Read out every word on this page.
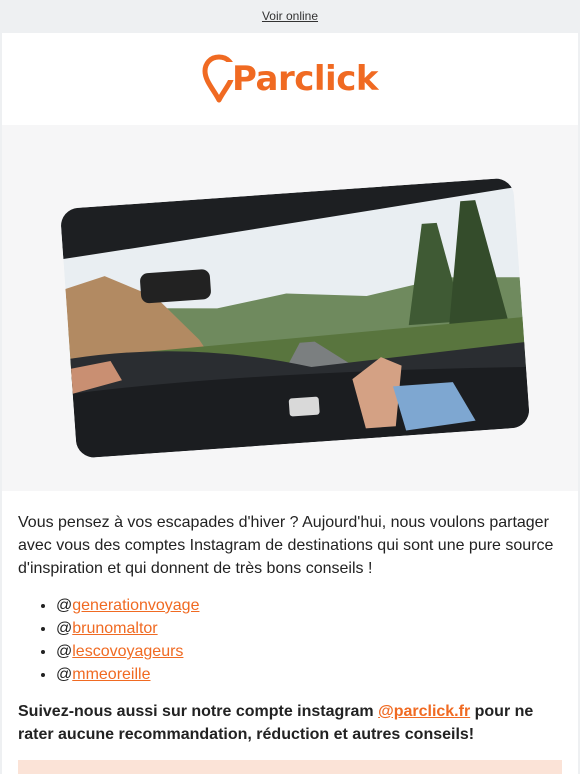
Voir online
Parclick

Vous pensez à vos escapades d'hiver ? Aujourd'hui, nous voulons partager avec vous des comptes Instagram de destinations qui sont une pure source d'inspiration et qui donnent de très bons conseils !

• @generationvoyage
• @brunomaltor
• @lescovoyageurs
• @mmeoreille

Suivez-nous aussi sur notre compte instagram @parclick.fr pour ne rater aucune recommandation, réduction et autres conseils!
